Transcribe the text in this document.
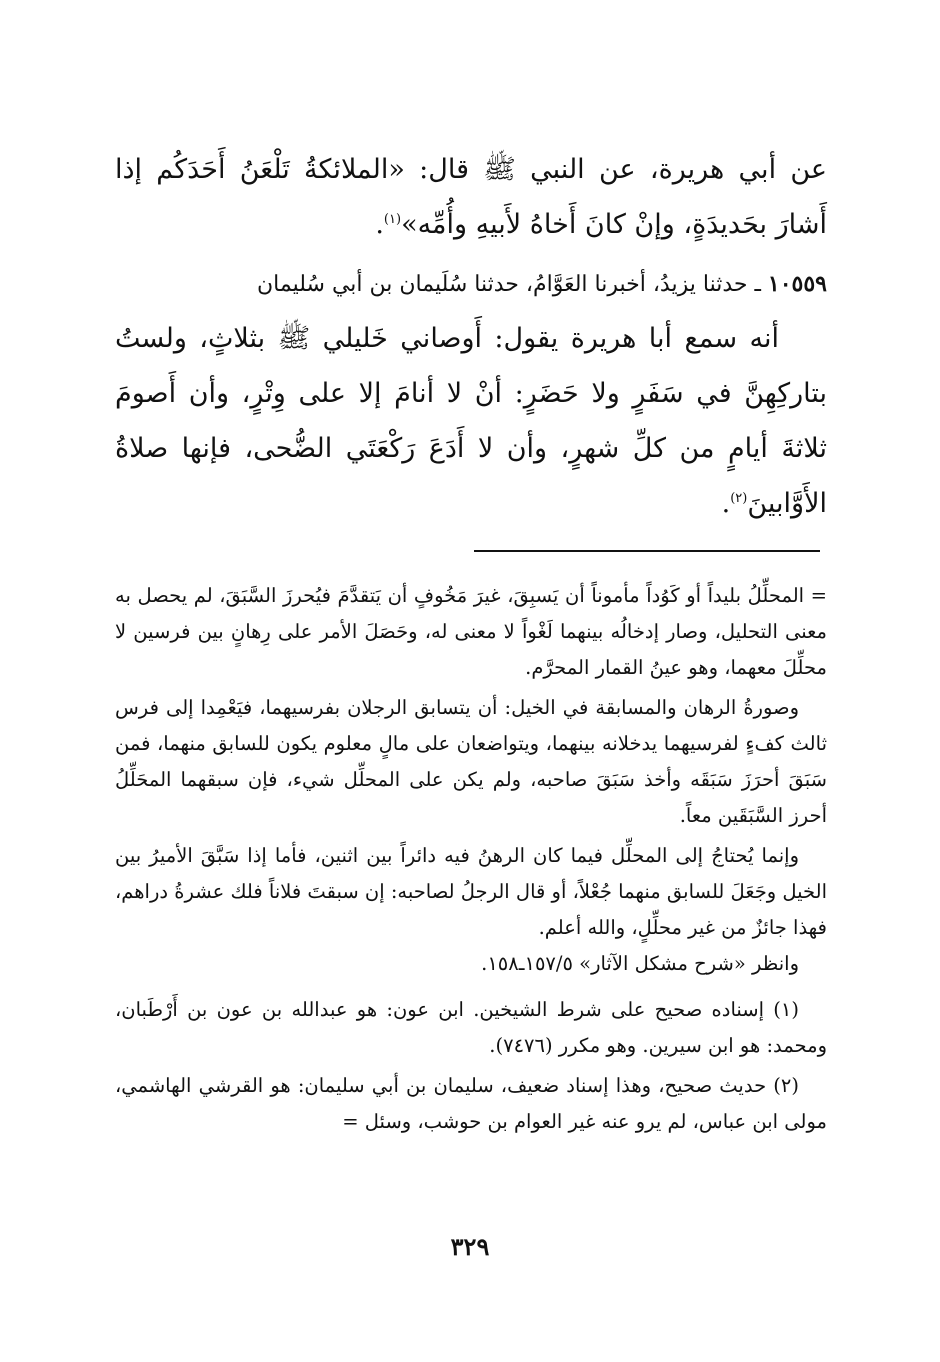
عن أبي هريرة، عن النبي ﷺ قال: «الملائكةُ تَلْعَنُ أَحَدَكُم إذا أَشارَ بحَديدَةٍ، وإنْ كانَ أَخاهُ لأَبيهِ وأُمِّه»$^{(١)}$.

١٠٥٥٩ ـ حدثنا يزيدُ، أخبرنا العَوَّامُ، حدثنا سُلَيمان بن أبي سُليمان

أنه سمع أبا هريرة يقول: أَوصاني خَليلي ﷺ بثلاثٍ، ولستُ بتاركِهِنَّ في سَفَرٍ ولا حَضَرٍ: أنْ لا أنامَ إلا على وِتْرٍ، وأن أَصومَ ثلاثةَ أيامٍ من كلِّ شهرٍ، وأن لا أَدَعَ رَكْعَتَي الضُّحى، فإنها صلاةُ الأَوَّابينَ$^{(٢)}$.

= المحلِّلُ بليداً أو كَوُداً مأموناً أن يَسبِقَ، غيرَ مَخُوفٍ أن يَتقدَّمَ فيُحرزَ السَّبَقَ، لم يحصل به معنى التحليل، وصار إدخالُه بينهما لَغْواً لا معنى له، وحَصَلَ الأمر على رِهانٍ بين فرسين لا محلِّلَ معهما، وهو عينُ القمار المحرَّم.

وصورةُ الرهان والمسابقة في الخيل: أن يتسابق الرجلان بفرسيهما، فيَعْمِدا إلى فرس ثالث كفءٍ لفرسيهما يدخلانه بينهما، ويتواضعان على مالٍ معلوم يكون للسابق منهما، فمن سَبَقَ أحرَزَ سَبَقَه وأخذ سَبَقَ صاحبه، ولم يكن على المحلِّل شيء، فإن سبقهما المحَلِّلُ أحرز السَّبَقَين معاً.

وإنما يُحتاجُ إلى المحلِّل فيما كان الرهنُ فيه دائراً بين اثنين، فأما إذا سَبَّقَ الأميرُ بين الخيل وجَعَلَ للسابق منهما جُعْلاً، أو قال الرجلُ لصاحبه: إن سبقتَ فلاناً فلك عشرةُ دراهم، فهذا جائزٌ من غير محلِّلٍ، والله أعلم.

وانظر «شرح مشكل الآثار» ١٥٧/٥ـ١٥٨.

(١) إسناده صحيح على شرط الشيخين. ابن عون: هو عبدالله بن عون بن أَرْطَبان، ومحمد: هو ابن سيرين. وهو مكرر (٧٤٧٦).

(٢) حديث صحيح، وهذا إسناد ضعيف، سليمان بن أبي سليمان: هو القرشي الهاشمي، مولى ابن عباس، لم يرو عنه غير العوام بن حوشب، وسئل =

٣٢٩
